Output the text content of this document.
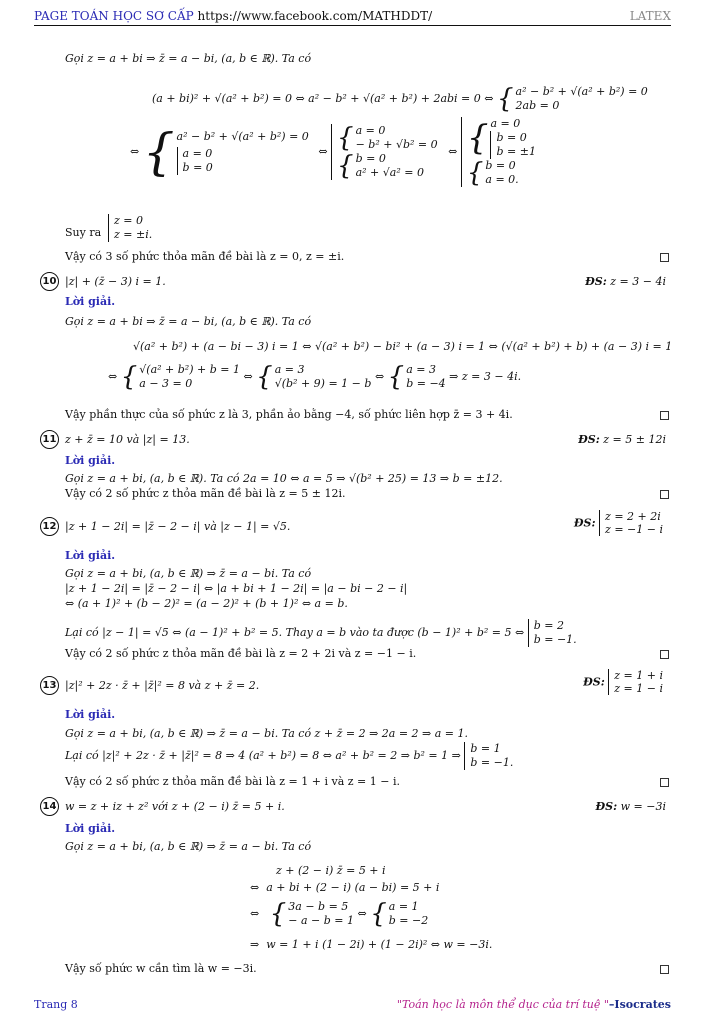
PAGE TOÁN HỌC SƠ CẤP https://www.facebook.com/MATHDDT/	LATEX
Gọi z = a + bi ⇒ z̄ = a − bi, (a, b ∈ ℝ). Ta có
(a + bi)² + √(a² + b²) = 0 ⇔ a² − b² + √(a² + b²) + 2abi = 0 ⇔ { a² − b² + √(a² + b²) = 0
2ab = 0
⇔ { a² − b² + √(a² + b²) = 0
a = 0
b = 0
⇔ { a = 0
− b² + √b² = 0

{ b = 0
a² + √a² = 0
⇔ { a = 0
b = 0
b = ±1

{ b = 0
a = 0.
Suy ra
z = 0
z = ±i.
Vậy có 3 số phức thỏa mãn đề bài là z = 0, z = ±i.
10 |z| + (z̄ − 3) i = 1.	ĐS: z = 3 − 4i
Lời giải.
Gọi z = a + bi ⇒ z̄ = a − bi, (a, b ∈ ℝ). Ta có
√(a² + b²) + (a − bi − 3) i = 1 ⇔ √(a² + b²) − bi² + (a − 3) i = 1 ⇔ (√(a² + b²) + b) + (a − 3) i = 1
⇔ { √(a² + b²) + b = 1
a − 3 = 0
⇔ { a = 3
√(b² + 9) = 1 − b
⇔ { a = 3
b = −4
⇒ z = 3 − 4i.
Vậy phần thực của số phức z là 3, phần ảo bằng −4, số phức liên hợp z̄ = 3 + 4i.
11 z + z̄ = 10 và |z| = 13.	ĐS: z = 5 ± 12i
Lời giải.
Gọi z = a + bi, (a, b ∈ ℝ). Ta có 2a = 10 ⇔ a = 5 ⇒ √(b² + 25) = 13 ⇒ b = ±12.
Vậy có 2 số phức z thỏa mãn đề bài là z = 5 ± 12i.
12 |z + 1 − 2i| = |z̄ − 2 − i| và |z − 1| = √5.	ĐS: z = 2 + 2i
z = −1 − i
Lời giải.
Gọi z = a + bi, (a, b ∈ ℝ) ⇒ z̄ = a − bi. Ta có
|z + 1 − 2i| = |z̄ − 2 − i| ⇔ |a + bi + 1 − 2i| = |a − bi − 2 − i|
⇔ (a + 1)² + (b − 2)² = (a − 2)² + (b + 1)² ⇔ a = b.
Lại có |z − 1| = √5 ⇔ (a − 1)² + b² = 5. Thay a = b vào ta được (b − 1)² + b² = 5 ⇔
b = 2
b = −1.
Vậy có 2 số phức z thỏa mãn đề bài là z = 2 + 2i và z = −1 − i.
13 |z|² + 2z · z̄ + |z̄|² = 8 và z + z̄ = 2.	ĐS: z = 1 + i
z = 1 − i
Lời giải.
Gọi z = a + bi, (a, b ∈ ℝ) ⇒ z̄ = a − bi. Ta có z + z̄ = 2 ⇒ 2a = 2 ⇒ a = 1.
Lại có |z|² + 2z · z̄ + |z̄|² = 8 ⇒ 4 (a² + b²) = 8 ⇔ a² + b² = 2 ⇒ b² = 1 ⇒
b = 1
b = −1.
Vậy có 2 số phức z thỏa mãn đề bài là z = 1 + i và z = 1 − i.
14 w = z + iz + z² với z + (2 − i) z̄ = 5 + i.	ĐS: w = −3i
Lời giải.
Gọi z = a + bi, (a, b ∈ ℝ) ⇒ z̄ = a − bi. Ta có
z + (2 − i) z̄ = 5 + i
⇔  a + bi + (2 − i) (a − bi) = 5 + i
⇔   { 3a − b = 5
− a − b = 1
⇔ { a = 1
b = −2
⇒  w = 1 + i (1 − 2i) + (1 − 2i)² ⇔ w = −3i.
Vậy số phức w cần tìm là w = −3i.
Trang 8	"Toán học là môn thể dục của trí tuệ "–Isocrates
